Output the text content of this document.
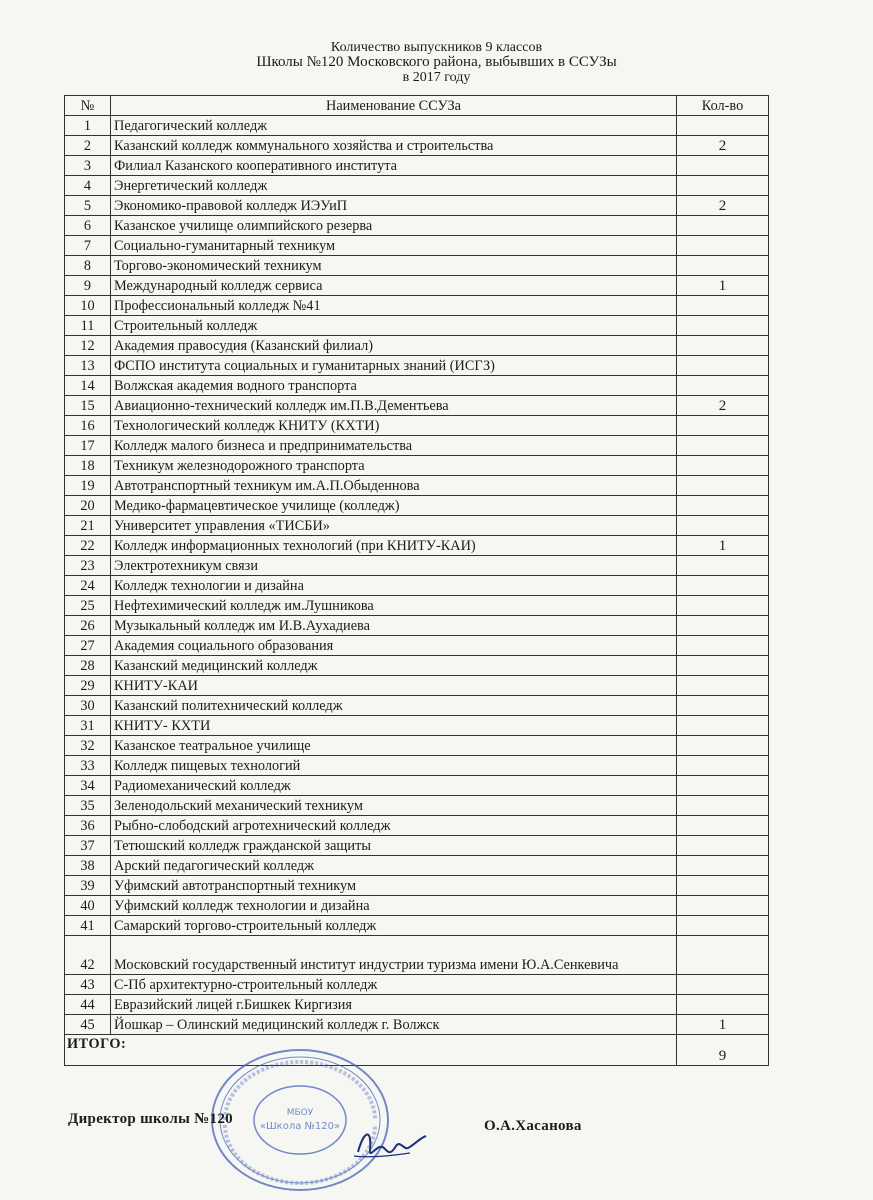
Количество выпускников 9 классов
Школы №120 Московского района, выбывших в ССУЗы
в 2017 году
№	Наименование ССУЗа	Кол-во
1	Педагогический колледж	
2	Казанский колледж коммунального хозяйства и строительства	2
3	Филиал Казанского кооперативного института	
4	Энергетический колледж	
5	Экономико-правовой колледж ИЭУиП	2
6	Казанское училище олимпийского резерва	
7	Социально-гуманитарный техникум	
8	Торгово-экономический техникум	
9	Международный колледж сервиса	1
10	Профессиональный колледж №41	
11	Строительный колледж	
12	Академия правосудия (Казанский филиал)	
13	ФСПО института социальных и гуманитарных знаний (ИСГЗ)	
14	Волжская академия водного транспорта	
15	Авиационно-технический колледж им.П.В.Дементьева	2
16	Технологический колледж КНИТУ (КХТИ)	
17	Колледж малого бизнеса и предпринимательства	
18	Техникум железнодорожного транспорта	
19	Автотранспортный техникум им.А.П.Обыденнова	
20	Медико-фармацевтическое училище (колледж)	
21	Университет управления «ТИСБИ»	
22	Колледж информационных технологий (при КНИТУ-КАИ)	1
23	Электротехникум связи	
24	Колледж технологии и дизайна	
25	Нефтехимический колледж им.Лушникова	
26	Музыкальный колледж им И.В.Аухадиева	
27	Академия социального образования	
28	Казанский медицинский колледж	
29	КНИТУ-КАИ	
30	Казанский политехнический колледж	
31	КНИТУ- КХТИ	
32	Казанское театральное училище	
33	Колледж пищевых технологий	
34	Радиомеханический колледж	
35	Зеленодольский механический техникум	
36	Рыбно-слободский агротехнический колледж	
37	Тетюшский колледж гражданской защиты	
38	Арский педагогический колледж	
39	Уфимский автотранспортный техникум	
40	Уфимский колледж технологии и дизайна	
41	Самарский торгово-строительный колледж	
42	Московский государственный институт индустрии туризма имени Ю.А.Сенкевича	
43	С-Пб архитектурно-строительный колледж	
44	Евразийский лицей г.Бишкек Киргизия	
45	Йошкар – Олинский медицинский колледж г. Волжск	1
ИТОГО:		9
МБОУ
«Школа №120»
Директор школы №120	О.А.Хасанова
